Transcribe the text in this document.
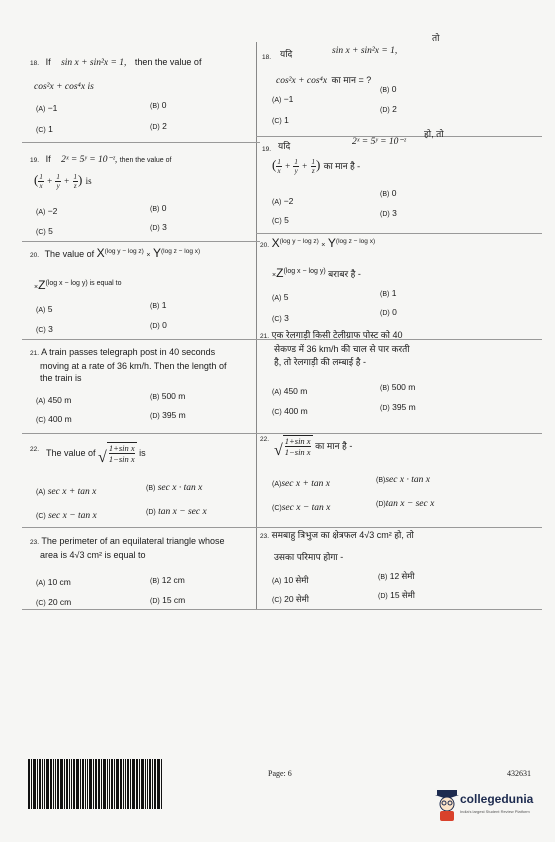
18. If sin x + sin²x = 1, then the value of
cos²x + cos⁴x is
(A) −1	(B) 0
(C) 1	(D) 2
19. If 2ˣ = 5ʸ = 10⁻ᶻ, then the value of
( $\frac{1}{x} + \frac{1}{y} + \frac{1}{z}$ ) is
(A) −2	(B) 0
(C) 5	(D) 3
20. The value of $X^{(log y - log z)} \times Y^{(log z - log x)}$
$\times Z^{(log x - log y) is equal to}$
(A) 5	(B) 1
(C) 3	(D) 0
21. A train passes telegraph post in 40 seconds
moving at a rate of 36 km/h. Then the length of
the train is
(A) 450 m	(B) 500 m
(C) 400 m	(D) 395 m
22. The value of √ $\frac{\text{1+sin x}}{\text{1−sin x}}$ is
(A) sec x + tan x	(B) sec x · tan x
(C) sec x − tan x	(D) tan x − sec x
23. The perimeter of an equilateral triangle whose
area is 4√3 cm² is equal to
(A) 10 cm	(B) 12 cm
(C) 20 cm	(D) 15 cm
18. यदि	sin x + sin²x = 1,
तो
cos²x + cos⁴x का मान = ?
(A) −1
(B) 0
(C) 1
(D) 2
19. यदि	2ˣ = 5ʸ = 10⁻ᶻ
हो, तो
( $\frac{1}{x} + \frac{1}{y} + \frac{1}{z}$ ) का मान है -
(A) −2
(B) 0
(C) 5
(D) 3
20. $X^{(log y - log z)} \times Y^{(log z - log x)}$
$\times Z^{(log x - log y)}$ बराबर है -
(A) 5	(B) 1
(C) 3	(D) 0
21. एक रेलगाड़ी किसी टेलीग्राफ पोस्ट को 40
सेकण्ड में 36 km/h की चाल से पार करती
है, तो रेलगाड़ी की लम्बाई है -
(A) 450 m	(B) 500 m
(C) 400 m	(D) 395 m
22.
√ $\frac{\text{1+sin x}}{\text{1−sin x}}$ का मान है -
(A)sec x + tan x	(B)sec x · tan x
(C)sec x − tan x	(D)tan x − sec x
23. समबाहु त्रिभुज का क्षेत्रफल 4√3 cm² हो, तो
उसका परिमाप होगा -
(A) 10 सेमी	(B) 12 सेमी
(C) 20 सेमी	(D) 15 सेमी
Page: 6	432631
collegedunia
India's largest Student Review Platform
